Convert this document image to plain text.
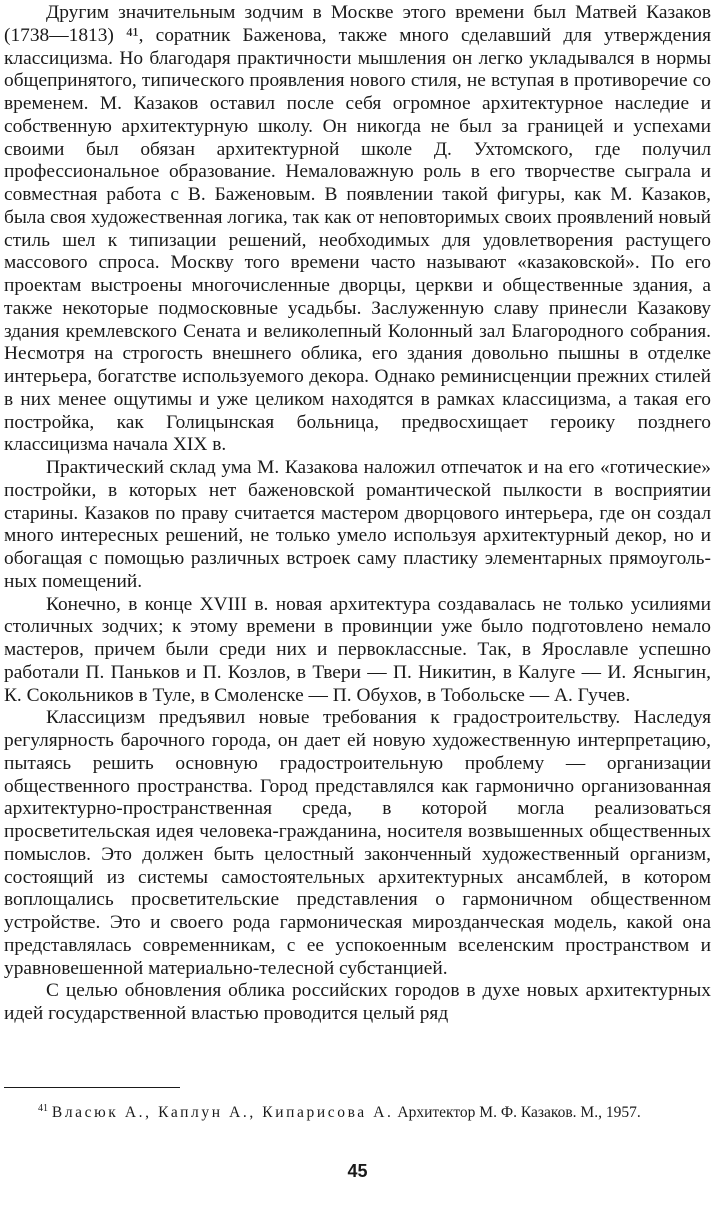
Другим значительным зодчим в Москве этого времени был Матвей Казаков (1738—1813) ⁴¹, соратник Баженова, также много сделавший для утверждения классицизма. Но благодаря практичности мышления он легко укладывался в нормы общепринятого, типического проявления нового стиля, не вступая в противоречие со временем. М. Казаков оставил после себя огромное архитектурное наследие и собственную архитектурную школу. Он никогда не был за границей и успехами своими был обязан архитектурной школе Д. Ухтомского, где получил профессиональное образование. Немаловажную роль в его творчестве сыграла и совместная работа с В. Баженовым. В появлении такой фигуры, как М. Казаков, была своя художественная логика, так как от неповторимых своих проявлений новый стиль шел к типизации решений, необходимых для удовлетворения растущего массового спроса. Москву того времени часто называют «казаковской». По его проектам выстроены многочисленные дворцы, церкви и общественные здания, а также некоторые подмосковные усадьбы. Заслуженную славу принесли Казакову здания кремлевского Сената и великолепный Колонный зал Благородного собрания. Несмотря на строгость внешнего облика, его здания довольно пышны в отделке интерьера, богатстве используемого декора. Однако реминисценции прежних стилей в них менее ощутимы и уже целиком находятся в рамках классицизма, а такая его постройка, как Голицынская больница, предвосхищает героику позднего классицизма начала XIX в.

Практический склад ума М. Казакова наложил отпечаток и на его «готические» постройки, в которых нет баженовской романтической пылкости в восприятии старины. Казаков по праву считается мастером дворцового интерьера, где он создал много интересных решений, не только умело используя архитектурный декор, но и обогащая с помощью различных встроек саму пластику элементарных прямоугольных помещений.

Конечно, в конце XVIII в. новая архитектура создавалась не только усилиями столичных зодчих; к этому времени в провинции уже было подготовлено немало мастеров, причем были среди них и первоклассные. Так, в Ярославле успешно работали П. Паньков и П. Козлов, в Твери — П. Никитин, в Калуге — И. Ясныгин, К. Сокольников в Туле, в Смоленске — П. Обухов, в Тобольске — А. Гучев.

Классицизм предъявил новые требования к градостроительству. Наследуя регулярность барочного города, он дает ей новую художественную интерпретацию, пытаясь решить основную градостроительную проблему — организации общественного пространства. Город представлялся как гармонично организованная архитектурно-пространственная среда, в которой могла реализоваться просветительская идея человека-гражданина, носителя возвышенных общественных помыслов. Это должен быть целостный законченный художественный организм, состоящий из системы самостоятельных архитектурных ансамблей, в котором воплощались просветительские представления о гармоничном общественном устройстве. Это и своего рода гармоническая мирозданческая модель, какой она представлялась современникам, с ее успокоенным вселенским пространством и уравновешенной материально-телесной субстанцией.

С целью обновления облика российских городов в духе новых архитектурных идей государственной властью проводится целый ряд

$^{41}$ Власюк А., Каплун А., Кипарисова А. Архитектор М. Ф. Казаков. М., 1957.

45
